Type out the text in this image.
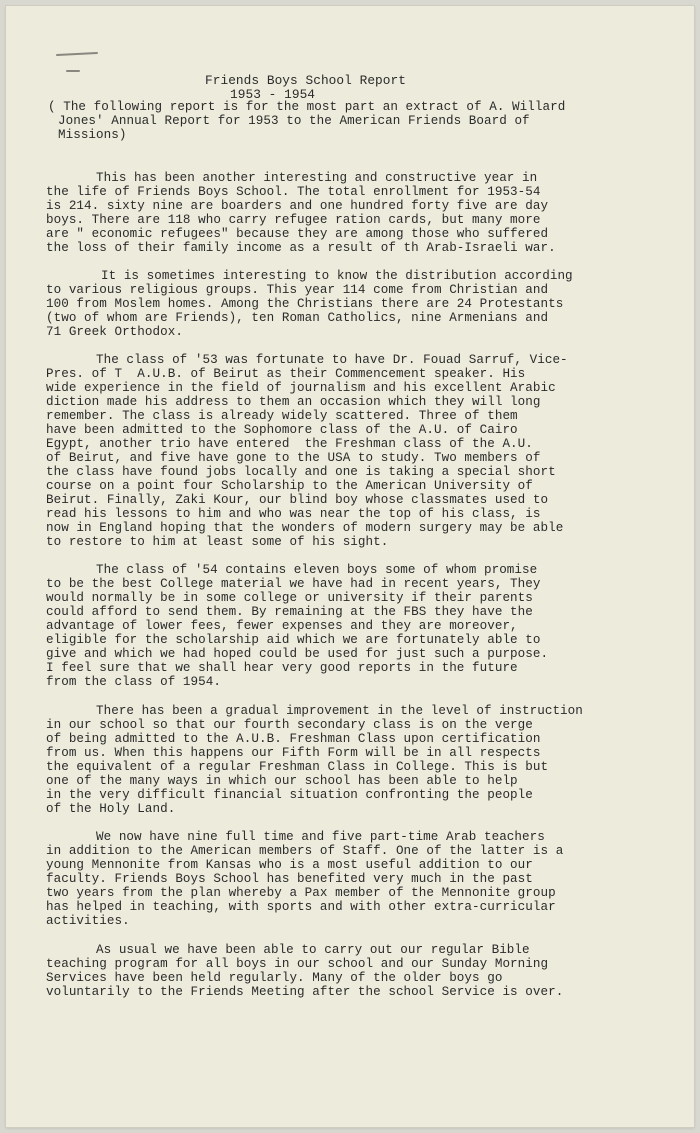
Friends Boys School Report
1953 - 1954
( The following report is for the most part an extract of A. Willard
Jones' Annual Report for 1953 to the American Friends Board of
Missions)
This has been another interesting and constructive year in
the life of Friends Boys School. The total enrollment for 1953-54
is 214. sixty nine are boarders and one hundred forty five are day
boys. There are 118 who carry refugee ration cards, but many more
are " economic refugees" because they are among those who suffered
the loss of their family income as a result of th Arab-Israeli war.
It is sometimes interesting to know the distribution according
to various religious groups. This year 114 come from Christian and
100 from Moslem homes. Among the Christians there are 24 Protestants
(two of whom are Friends), ten Roman Catholics, nine Armenians and
71 Greek Orthodox.
The class of '53 was fortunate to have Dr. Fouad Sarruf, Vice-
Pres. of T  A.U.B. of Beirut as their Commencement speaker. His
wide experience in the field of journalism and his excellent Arabic
diction made his address to them an occasion which they will long
remember. The class is already widely scattered. Three of them
have been admitted to the Sophomore class of the A.U. of Cairo
Egypt, another trio have entered  the Freshman class of the A.U.
of Beirut, and five have gone to the USA to study. Two members of
the class have found jobs locally and one is taking a special short
course on a point four Scholarship to the American University of
Beirut. Finally, Zaki Kour, our blind boy whose classmates used to
read his lessons to him and who was near the top of his class, is
now in England hoping that the wonders of modern surgery may be able
to restore to him at least some of his sight.
The class of '54 contains eleven boys some of whom promise
to be the best College material we have had in recent years, They
would normally be in some college or university if their parents
could afford to send them. By remaining at the FBS they have the
advantage of lower fees, fewer expenses and they are moreover,
eligible for the scholarship aid which we are fortunately able to
give and which we had hoped could be used for just such a purpose.
I feel sure that we shall hear very good reports in the future
from the class of 1954.
There has been a gradual improvement in the level of instruction
in our school so that our fourth secondary class is on the verge
of being admitted to the A.U.B. Freshman Class upon certification
from us. When this happens our Fifth Form will be in all respects
the equivalent of a regular Freshman Class in College. This is but
one of the many ways in which our school has been able to help
in the very difficult financial situation confronting the people
of the Holy Land.
We now have nine full time and five part-time Arab teachers
in addition to the American members of Staff. One of the latter is a
young Mennonite from Kansas who is a most useful addition to our
faculty. Friends Boys School has benefited very much in the past
two years from the plan whereby a Pax member of the Mennonite group
has helped in teaching, with sports and with other extra-curricular
activities.
As usual we have been able to carry out our regular Bible
teaching program for all boys in our school and our Sunday Morning
Services have been held regularly. Many of the older boys go
voluntarily to the Friends Meeting after the school Service is over.
